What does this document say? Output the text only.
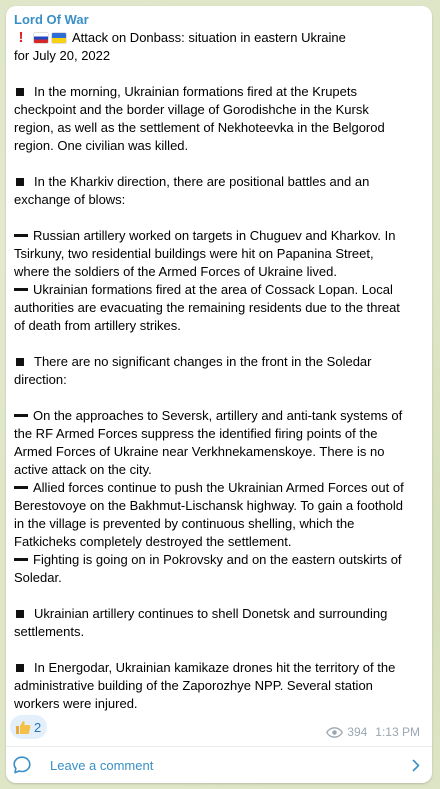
Lord Of War
!	Attack on Donbass: situation in eastern Ukraine
for July 20, 2022
In the morning, Ukrainian formations fired at the Krupets
checkpoint and the border village of Gorodishche in the Kursk
region, as well as the settlement of Nekhoteevka in the Belgorod
region. One civilian was killed.
In the Kharkiv direction, there are positional battles and an
exchange of blows:
Russian artillery worked on targets in Chuguev and Kharkov. In
Tsirkuny, two residential buildings were hit on Papanina Street,
where the soldiers of the Armed Forces of Ukraine lived.
Ukrainian formations fired at the area of Cossack Lopan. Local
authorities are evacuating the remaining residents due to the threat
of death from artillery strikes.
There are no significant changes in the front in the Soledar
direction:
On the approaches to Seversk, artillery and anti-tank systems of
the RF Armed Forces suppress the identified firing points of the
Armed Forces of Ukraine near Verkhnekamenskoye. There is no
active attack on the city.
Allied forces continue to push the Ukrainian Armed Forces out of
Berestovoye on the Bakhmut-Lischansk highway. To gain a foothold
in the village is prevented by continuous shelling, which the
Fatkicheks completely destroyed the settlement.
Fighting is going on in Pokrovsky and on the eastern outskirts of
Soledar.
Ukrainian artillery continues to shell Donetsk and surrounding
settlements.
In Energodar, Ukrainian kamikaze drones hit the territory of the
administrative building of the Zaporozhye NPP. Several station
workers were injured.
2	394 1:13 PM
Leave a comment
